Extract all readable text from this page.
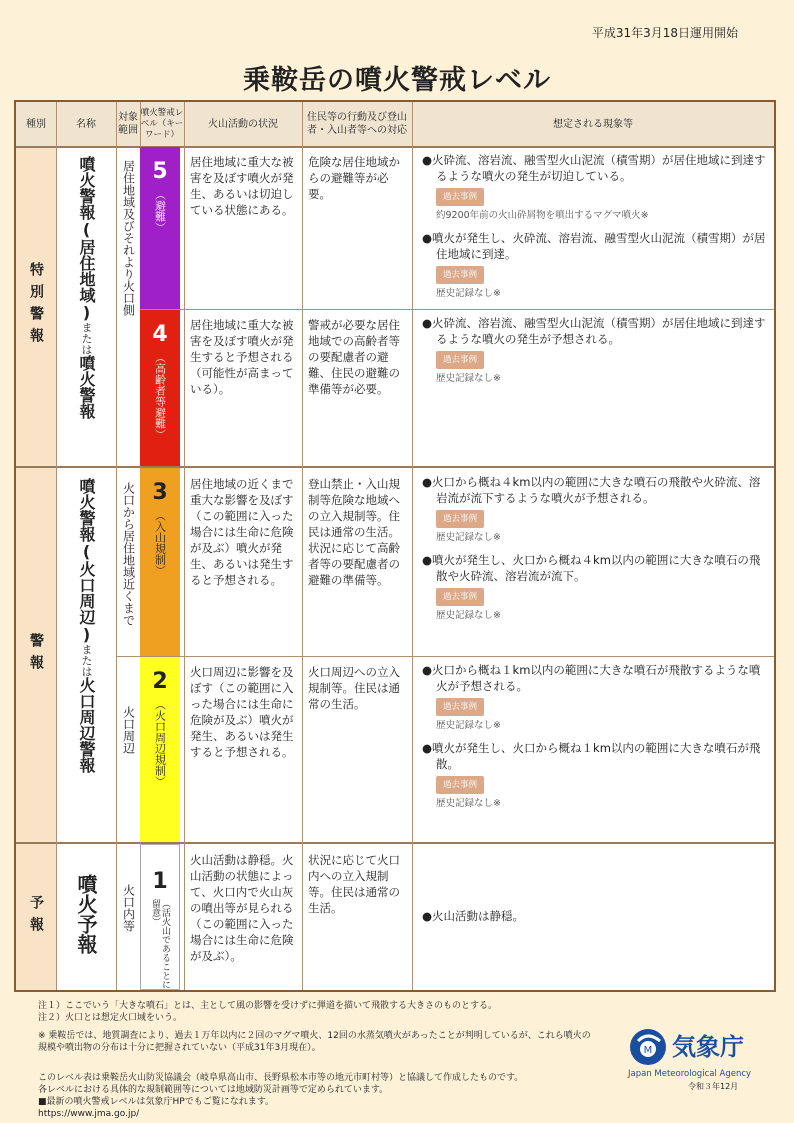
平成31年3月18日運用開始
乗鞍岳の噴火警戒レベル
種別	名称
対象範囲
噴火警戒レベル（キーワード）
火山活動の状況
住民等の行動及び登山者・入山者等への対応
想定される現象等
特別警報
警報
予報
噴火警報(居住地域)または噴火警報
噴火警報(火口周辺)または火口周辺警報
噴火予報
居住地域及びそれより火口側
火口から居住地域近くまで
火口周辺
火口内等
5
（避難）
4
（高齢者等避難）
3
（入山規制）
2
（火口周辺規制）
1
（活火山であることに留意）
居住地域に重大な被害を及ぼす噴火が発生、あるいは切迫している状態にある。
居住地域に重大な被害を及ぼす噴火が発生すると予想される（可能性が高まっている）。
居住地域の近くまで重大な影響を及ぼす（この範囲に入った場合には生命に危険が及ぶ）噴火が発生、あるいは発生すると予想される。
火口周辺に影響を及ぼす（この範囲に入った場合には生命に危険が及ぶ）噴火が発生、あるいは発生すると予想される。
火山活動は静穏。火山活動の状態によって、火口内で火山灰の噴出等が見られる（この範囲に入った場合には生命に危険が及ぶ）。
危険な居住地域からの避難等が必要。
警戒が必要な居住地域での高齢者等の要配慮者の避難、住民の避難の準備等が必要。
登山禁止・入山規制等危険な地域への立入規制等。住民は通常の生活。状況に応じて高齢者等の要配慮者の避難の準備等。
火口周辺への立入規制等。住民は通常の生活。
状況に応じて火口内への立入規制等。住民は通常の生活。

●火砕流、溶岩流、融雪型火山泥流（積雪期）が居住地域に到達するような噴火の発生が切迫している。

過去事例
約9200年前の火山砕屑物を噴出するマグマ噴火※

●噴火が発生し、火砕流、溶岩流、融雪型火山泥流（積雪期）が居住地域に到達。

過去事例
歴史記録なし※

●火砕流、溶岩流、融雪型火山泥流（積雪期）が居住地域に到達するような噴火の発生が予想される。

過去事例
歴史記録なし※

●火口から概ね４km以内の範囲に大きな噴石の飛散や火砕流、溶岩流が流下するような噴火が予想される。

過去事例
歴史記録なし※

●噴火が発生し、火口から概ね４km以内の範囲に大きな噴石の飛散や火砕流、溶岩流が流下。

過去事例
歴史記録なし※

●火口から概ね１km以内の範囲に大きな噴石が飛散するような噴火が予想される。

過去事例
歴史記録なし※

●噴火が発生し、火口から概ね１km以内の範囲に大きな噴石が飛散。

過去事例
歴史記録なし※

●火山活動は静穏。

注１）ここでいう「大きな噴石」とは、主として風の影響を受けずに弾道を描いて飛散する大きさのものとする。

注２）火口とは想定火口域をいう。

※ 乗鞍岳では、地質調査により、過去１万年以内に２回のマグマ噴火、12回の水蒸気噴火があったことが判明しているが、これら噴火の規模や噴出物の分布は十分に把握されていない（平成31年3月現在）。

このレベル表は乗鞍岳火山防災協議会（岐阜県高山市、長野県松本市等の地元市町村等）と協議して作成したものです。

各レベルにおける具体的な規制範囲等については地域防災計画等で定められています。

■最新の噴火警戒レベルは気象庁HPでもご覧になれます。

https://www.jma.go.jp/

M 気象庁
Japan Meteorological Agency
令和３年12月
